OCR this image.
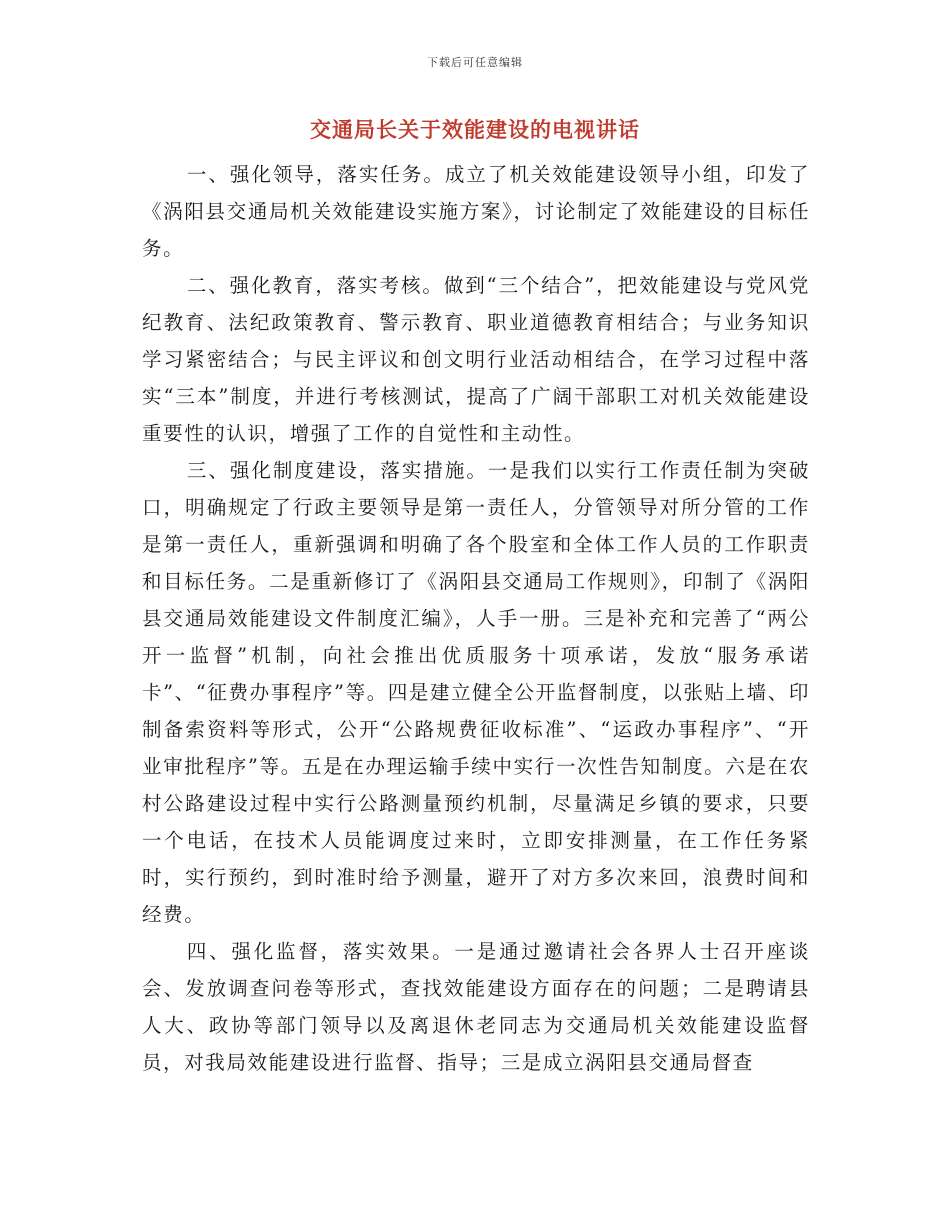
下载后可任意编辑
交通局长关于效能建设的电视讲话

一、强化领导，落实任务。成立了机关效能建设领导小组，印发了《涡阳县交通局机关效能建设实施方案》，讨论制定了效能建设的目标任务。

二、强化教育，落实考核。做到“三个结合”，把效能建设与党风党纪教育、法纪政策教育、警示教育、职业道德教育相结合；与业务知识学习紧密结合；与民主评议和创文明行业活动相结合，在学习过程中落实“三本”制度，并进行考核测试，提高了广阔干部职工对机关效能建设重要性的认识，增强了工作的自觉性和主动性。

三、强化制度建设，落实措施。一是我们以实行工作责任制为突破口，明确规定了行政主要领导是第一责任人，分管领导对所分管的工作是第一责任人，重新强调和明确了各个股室和全体工作人员的工作职责和目标任务。二是重新修订了《涡阳县交通局工作规则》，印制了《涡阳县交通局效能建设文件制度汇编》，人手一册。三是补充和完善了“两公开一监督”机制，向社会推出优质服务十项承诺，发放“服务承诺卡”、“征费办事程序”等。四是建立健全公开监督制度，以张贴上墙、印制备索资料等形式，公开“公路规费征收标准”、“运政办事程序”、“开业审批程序”等。五是在办理运输手续中实行一次性告知制度。六是在农村公路建设过程中实行公路测量预约机制，尽量满足乡镇的要求，只要一个电话，在技术人员能调度过来时，立即安排测量，在工作任务紧时，实行预约，到时准时给予测量，避开了对方多次来回，浪费时间和经费。

四、强化监督，落实效果。一是通过邀请社会各界人士召开座谈会、发放调查问卷等形式，查找效能建设方面存在的问题；二是聘请县人大、政协等部门领导以及离退休老同志为交通局机关效能建设监督员，对我局效能建设进行监督、指导；三是成立涡阳县交通局督查
